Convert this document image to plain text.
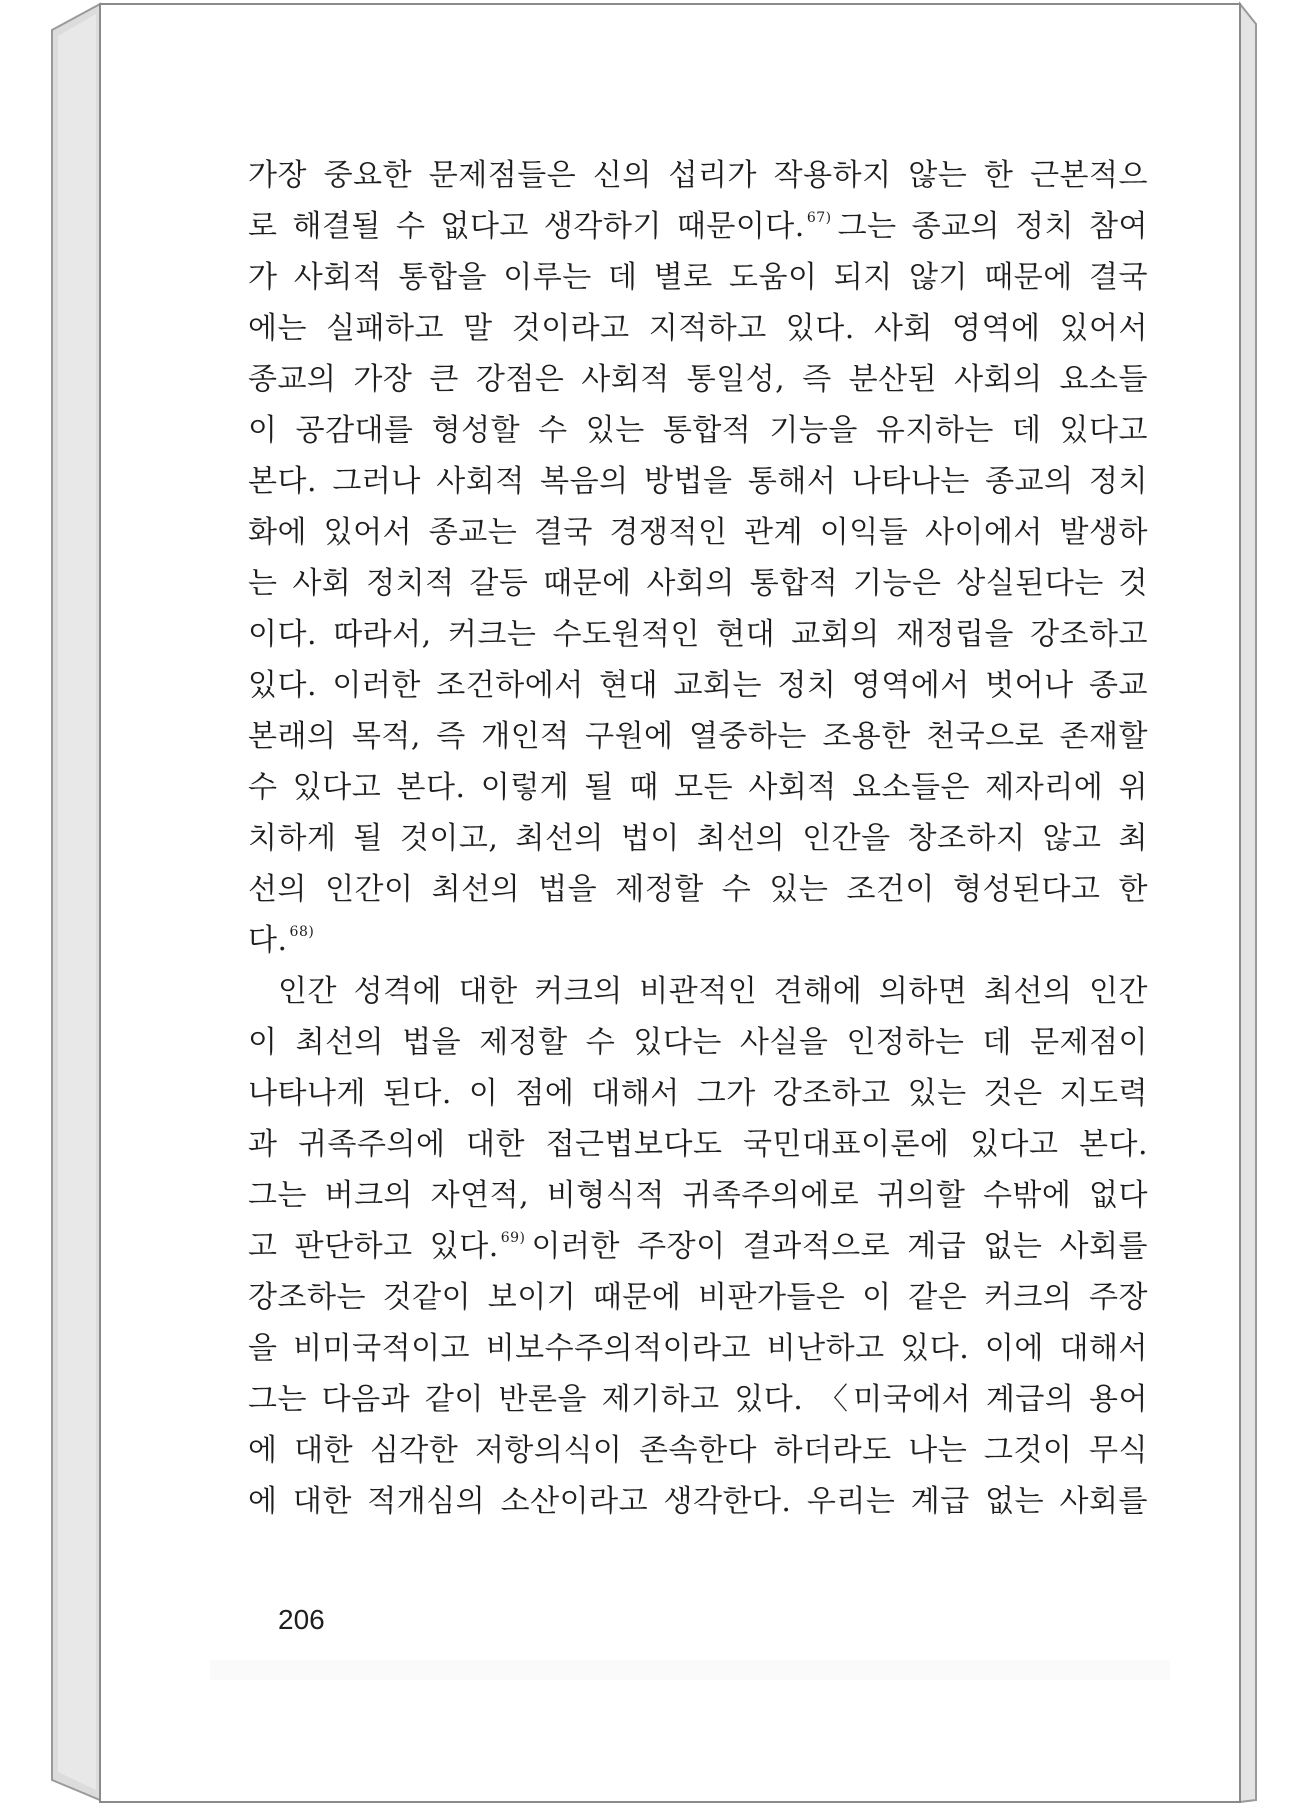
가장 중요한 문제점들은 신의 섭리가 작용하지 않는 한 근본적으
로 해결될 수 없다고 생각하기 때문이다. $^{67)}$ 그는 종교의 정치 참여
가 사회적 통합을 이루는 데 별로 도움이 되지 않기 때문에 결국
에는 실패하고 말 것이라고 지적하고 있다. 사회 영역에 있어서
종교의 가장 큰 강점은 사회적 통일성, 즉 분산된 사회의 요소들
이 공감대를 형성할 수 있는 통합적 기능을 유지하는 데 있다고
본다. 그러나 사회적 복음의 방법을 통해서 나타나는 종교의 정치
화에 있어서 종교는 결국 경쟁적인 관계 이익들 사이에서 발생하
는 사회 정치적 갈등 때문에 사회의 통합적 기능은 상실된다는 것
이다. 따라서, 커크는 수도원적인 현대 교회의 재정립을 강조하고
있다. 이러한 조건하에서 현대 교회는 정치 영역에서 벗어나 종교
본래의 목적, 즉 개인적 구원에 열중하는 조용한 천국으로 존재할
수 있다고 본다. 이렇게 될 때 모든 사회적 요소들은 제자리에 위
치하게 될 것이고, 최선의 법이 최선의 인간을 창조하지 않고 최
선의 인간이 최선의 법을 제정할 수 있는 조건이 형성된다고 한
다. $^{68)}$
인간 성격에 대한 커크의 비관적인 견해에 의하면 최선의 인간
이 최선의 법을 제정할 수 있다는 사실을 인정하는 데 문제점이
나타나게 된다. 이 점에 대해서 그가 강조하고 있는 것은 지도력
과 귀족주의에 대한 접근법보다도 국민대표이론에 있다고 본다.
그는 버크의 자연적, 비형식적 귀족주의에로 귀의할 수밖에 없다
고 판단하고 있다. $^{69)}$ 이러한 주장이 결과적으로 계급 없는 사회를
강조하는 것같이 보이기 때문에 비판가들은 이 같은 커크의 주장
을 비미국적이고 비보수주의적이라고 비난하고 있다. 이에 대해서
그는 다음과 같이 반론을 제기하고 있다. 〈미국에서 계급의 용어
에 대한 심각한 저항의식이 존속한다 하더라도 나는 그것이 무식
에 대한 적개심의 소산이라고 생각한다. 우리는 계급 없는 사회를
206
